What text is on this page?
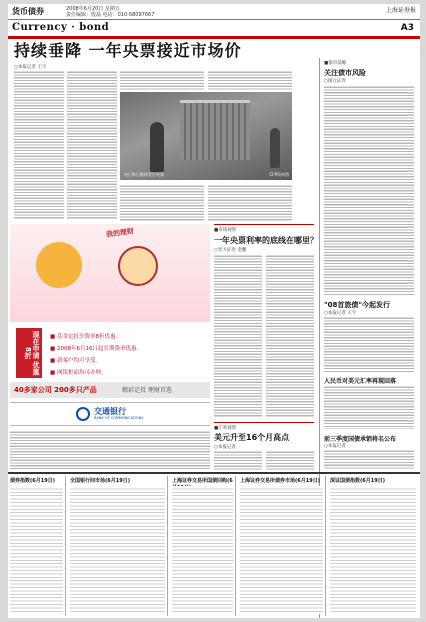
货币债券	2008年6月20日 星期五
责任编辑：殷磊 电话：010-58097667
上海证券报
Currency · bond	A3
持续垂降 一年央票接近市场价
○本报记者 王宇
央行昨日继续发行央票	CFP资料图
我的理财
现在申请 优惠8折
■ 基金定投享费率8折优惠。
■ 2008年6月16日起长期费率优惠。
■ 新客户均可享受。
■ 网银柜面均可办理。
40多家公司 200多只产品	精彩定投 理财首选
交通银行
BANK OF COMMUNICATIONS
■市场观察
一年央票利率的底线在哪里？
○光大证券 金鹏
■汇率观察
美元升至16个月高点
○本报记者
■债市前瞻
关注债市风险
○国元证券
"08首旅债"今起发行
○本报记者 王宇
人民币对美元汇率再现回落
前三季度国债承销将名公布
○本报记者
债券指数(6月19日)	全国银行间市场(6月19日)	上海证券交易所国债回购(6	上海证券交易所债券市场(6月19日)	深证国债指数(6月19日)
